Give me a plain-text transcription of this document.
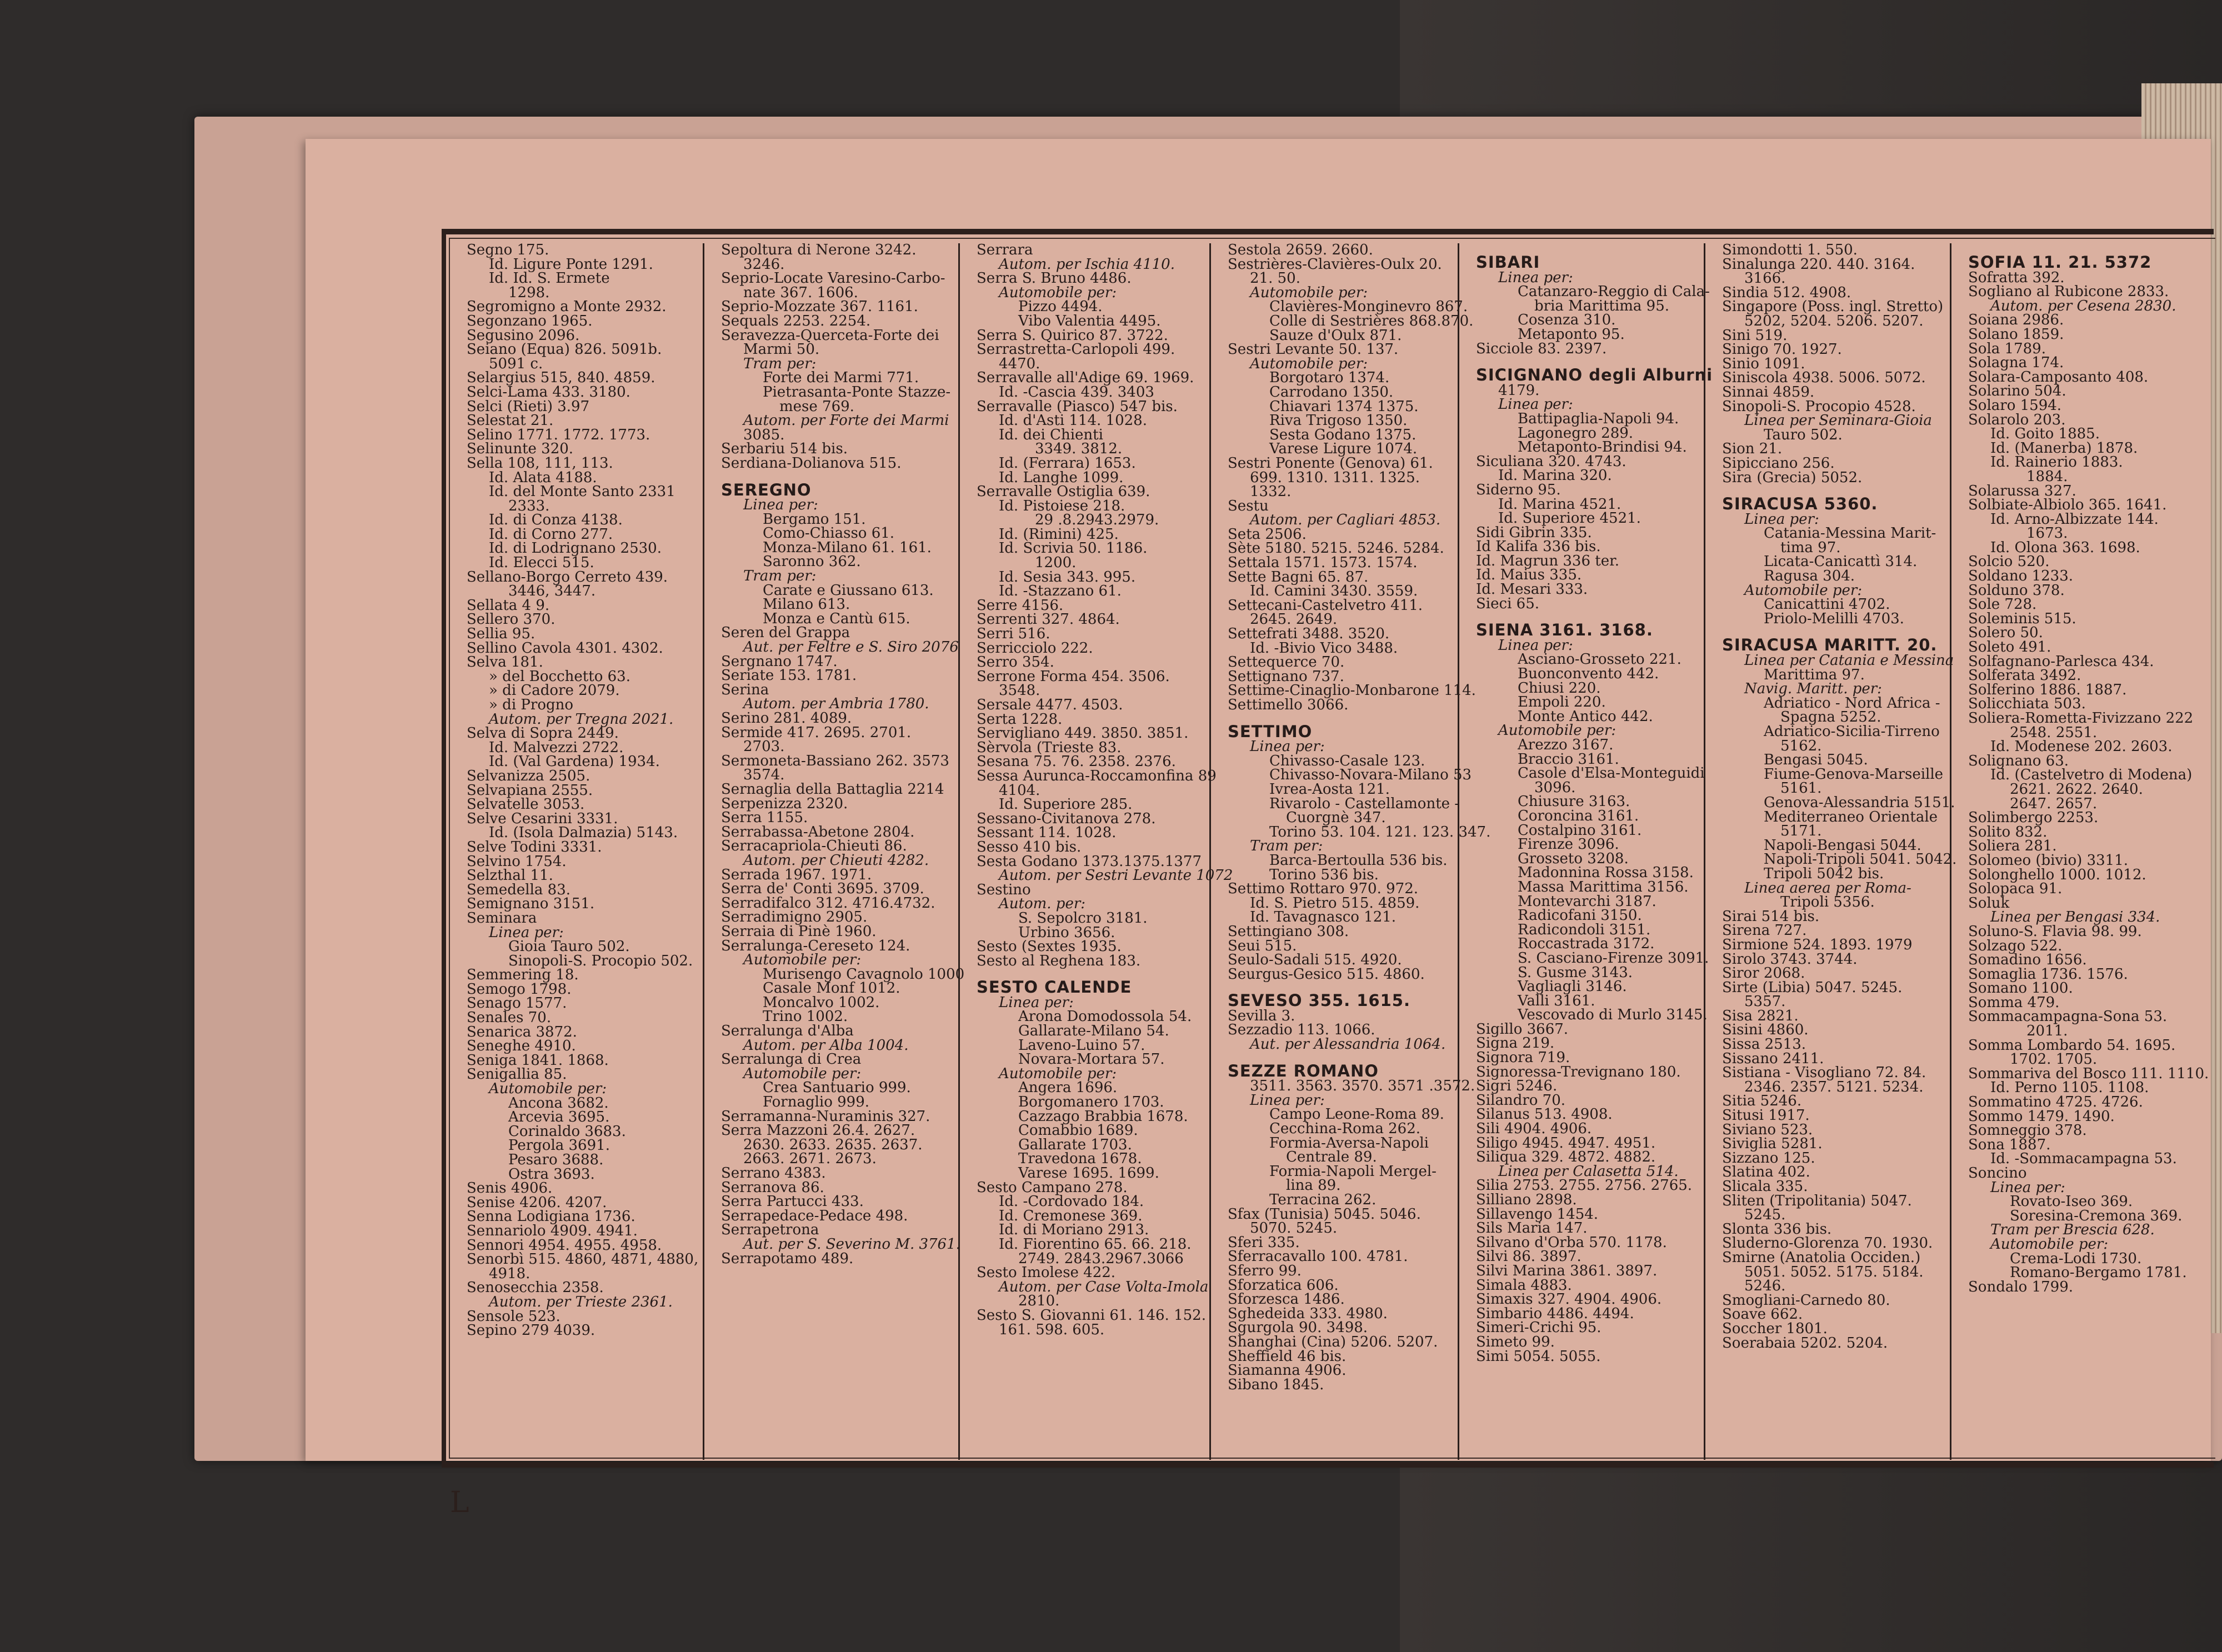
Segno 175.
Id. Ligure Ponte 1291.
Id. Id. S. Ermete
1298.
Segromigno a Monte 2932.
Segonzano 1965.
Segusino 2096.
Seiano (Equa) 826. 5091b.
5091 c.
Selargius 515, 840. 4859.
Selci-Lama 433. 3180.
Selci (Rieti) 3.97
Selestat 21.
Selino 1771. 1772. 1773.
Selinunte 320.
Sella 108, 111, 113.
Id. Alata 4188.
Id. del Monte Santo 2331
2333.
Id. di Conza 4138.
Id. di Corno 277.
Id. di Lodrignano 2530.
Id. Elecci 515.
Sellano-Borgo Cerreto 439.
3446, 3447.
Sellata 4 9.
Sellero 370.
Sellia 95.
Sellino Cavola 4301. 4302.
Selva 181.
» del Bocchetto 63.
» di Cadore 2079.
» di Progno
Autom. per Tregna 2021.
Selva di Sopra 2449.
Id. Malvezzi 2722.
Id. (Val Gardena) 1934.
Selvanizza 2505.
Selvapiana 2555.
Selvatelle 3053.
Selve Cesarini 3331.
Id. (Isola Dalmazia) 5143.
Selve Todini 3331.
Selvino 1754.
Selzthal 11.
Semedella 83.
Semignano 3151.
Seminara
Linea per:
Gioia Tauro 502.
Sinopoli-S. Procopio 502.
Semmering 18.
Semogo 1798.
Senago 1577.
Senales 70.
Senarica 3872.
Seneghe 4910.
Seniga 1841. 1868.
Senigallia 85.
Automobile per:
Ancona 3682.
Arcevia 3695.
Corinaldo 3683.
Pergola 3691.
Pesaro 3688.
Ostra 3693.
Senis 4906.
Senise 4206. 4207.
Senna Lodigiana 1736.
Sennariolo 4909. 4941.
Sennori 4954. 4955. 4958.
Senorbì 515. 4860, 4871, 4880,
4918.
Senosecchia 2358.
Autom. per Trieste 2361.
Sensole 523.
Sepino 279 4039.
Sepoltura di Nerone 3242.
3246.
Seprio-Locate Varesino-Carbo-
nate 367. 1606.
Seprio-Mozzate 367. 1161.
Sequals 2253. 2254.
Seravezza-Querceta-Forte dei
Marmi 50.
Tram per:
Forte dei Marmi 771.
Pietrasanta-Ponte Stazze-
mese 769.
Autom. per Forte dei Marmi
3085.
Serbariu 514 bis.
Serdiana-Dolianova 515.
SEREGNO
Linea per:
Bergamo 151.
Como-Chiasso 61.
Monza-Milano 61. 161.
Saronno 362.
Tram per:
Carate e Giussano 613.
Milano 613.
Monza e Cantù 615.
Seren del Grappa
Aut. per Feltre e S. Siro 2076
Sergnano 1747.
Seriate 153. 1781.
Serina
Autom. per Ambria 1780.
Serino 281. 4089.
Sermide 417. 2695. 2701.
2703.
Sermoneta-Bassiano 262. 3573
3574.
Sernaglia della Battaglia 2214
Serpenizza 2320.
Serra 1155.
Serrabassa-Abetone 2804.
Serracapriola-Chieuti 86.
Autom. per Chieuti 4282.
Serrada 1967. 1971.
Serra de' Conti 3695. 3709.
Serradifalco 312. 4716.4732.
Serradimigno 2905.
Serraia di Pinè 1960.
Serralunga-Cereseto 124.
Automobile per:
Murisengo Cavagnolo 1000
Casale Monf 1012.
Moncalvo 1002.
Trino 1002.
Serralunga d'Alba
Autom. per Alba 1004.
Serralunga di Crea
Automobile per:
Crea Santuario 999.
Fornaglio 999.
Serramanna-Nuraminis 327.
Serra Mazzoni 26.4. 2627.
2630. 2633. 2635. 2637.
2663. 2671. 2673.
Serrano 4383.
Serranova 86.
Serra Partucci 433.
Serrapedace-Pedace 498.
Serrapetrona
Aut. per S. Severino M. 3761.
Serrapotamo 489.
Serrara
Autom. per Ischia 4110.
Serra S. Bruno 4486.
Automobile per:
Pizzo 4494.
Vibo Valentia 4495.
Serra S. Quirico 87. 3722.
Serrastretta-Carlopoli 499.
4470.
Serravalle all'Adige 69. 1969.
Id. -Cascia 439. 3403
Serravalle (Piasco) 547 bis.
Id. d'Asti 114. 1028.
Id. dei Chienti
3349. 3812.
Id. (Ferrara) 1653.
Id. Langhe 1099.
Serravalle Ostiglia 639.
Id. Pistoiese 218.
29 .8.2943.2979.
Id. (Rimini) 425.
Id. Scrivia 50. 1186.
1200.
Id. Sesia 343. 995.
Id. -Stazzano 61.
Serre 4156.
Serrenti 327. 4864.
Serri 516.
Serricciolo 222.
Serro 354.
Serrone Forma 454. 3506.
3548.
Sersale 4477. 4503.
Serta 1228.
Servigliano 449. 3850. 3851.
Sèrvola (Trieste 83.
Sesana 75. 76. 2358. 2376.
Sessa Aurunca-Roccamonfina 89
4104.
Id. Superiore 285.
Sessano-Civitanova 278.
Sessant 114. 1028.
Sesso 410 bis.
Sesta Godano 1373.1375.1377
Autom. per Sestri Levante 1072
Sestino
Autom. per:
S. Sepolcro 3181.
Urbino 3656.
Sesto (Sextes 1935.
Sesto al Reghena 183.
SESTO CALENDE
Linea per:
Arona Domodossola 54.
Gallarate-Milano 54.
Laveno-Luino 57.
Novara-Mortara 57.
Automobile per:
Angera 1696.
Borgomanero 1703.
Cazzago Brabbia 1678.
Comabbio 1689.
Gallarate 1703.
Travedona 1678.
Varese 1695. 1699.
Sesto Campano 278.
Id. -Cordovado 184.
Id. Cremonese 369.
Id. di Moriano 2913.
Id. Fiorentino 65. 66. 218.
2749. 2843.2967.3066
Sesto Imolese 422.
Autom. per Case Volta-Imola
2810.
Sesto S. Giovanni 61. 146. 152.
161. 598. 605.
Sestola 2659. 2660.
Sestrières-Clavières-Oulx 20.
21. 50.
Automobile per:
Clavières-Monginevro 867.
Colle di Sestrières 868.870.
Sauze d'Oulx 871.
Sestri Levante 50. 137.
Automobile per:
Borgotaro 1374.
Carrodano 1350.
Chiavari 1374 1375.
Riva Trigoso 1350.
Sesta Godano 1375.
Varese Ligure 1074.
Sestri Ponente (Genova) 61.
699. 1310. 1311. 1325.
1332.
Sestu
Autom. per Cagliari 4853.
Seta 2506.
Sète 5180. 5215. 5246. 5284.
Settala 1571. 1573. 1574.
Sette Bagni 65. 87.
Id. Camini 3430. 3559.
Settecani-Castelvetro 411.
2645. 2649.
Settefrati 3488. 3520.
Id. -Bivio Vico 3488.
Settequerce 70.
Settignano 737.
Settime-Cinaglio-Monbarone 114.
Settimello 3066.
SETTIMO
Linea per:
Chivasso-Casale 123.
Chivasso-Novara-Milano 53
Ivrea-Aosta 121.
Rivarolo - Castellamonte -
Cuorgnè 347.
Torino 53. 104. 121. 123. 347.
Tram per:
Barca-Bertoulla 536 bis.
Torino 536 bis.
Settimo Rottaro 970. 972.
Id. S. Pietro 515. 4859.
Id. Tavagnasco 121.
Settingiano 308.
Seui 515.
Seulo-Sadali 515. 4920.
Seurgus-Gesico 515. 4860.
SEVESO 355. 1615.
Sevilla 3.
Sezzadio 113. 1066.
Aut. per Alessandria 1064.
SEZZE ROMANO
3511. 3563. 3570. 3571 .3572.
Linea per:
Campo Leone-Roma 89.
Cecchina-Roma 262.
Formia-Aversa-Napoli
Centrale 89.
Formia-Napoli Mergel-
lina 89.
Terracina 262.
Sfax (Tunisia) 5045. 5046.
5070. 5245.
Sferi 335.
Sferracavallo 100. 4781.
Sferro 99.
Sforzatica 606.
Sforzesca 1486.
Sghedeida 333. 4980.
Sgurgola 90. 3498.
Shanghai (Cina) 5206. 5207.
Sheffield 46 bis.
Siamanna 4906.
Sibano 1845.
SIBARI
Linea per:
Catanzaro-Reggio di Cala-
bria Marittima 95.
Cosenza 310.
Metaponto 95.
Sicciole 83. 2397.
SICIGNANO degli Alburni
4179.
Linea per:
Battipaglia-Napoli 94.
Lagonegro 289.
Metaponto-Brindisi 94.
Siculiana 320. 4743.
Id. Marina 320.
Siderno 95.
Id. Marina 4521.
Id. Superiore 4521.
Sidi Gibrin 335.
Id Kalifa 336 bis.
Id. Magrun 336 ter.
Id. Maius 335.
Id. Mesari 333.
Sieci 65.
SIENA 3161. 3168.
Linea per:
Asciano-Grosseto 221.
Buonconvento 442.
Chiusi 220.
Empoli 220.
Monte Antico 442.
Automobile per:
Arezzo 3167.
Braccio 3161.
Casole d'Elsa-Monteguidi
3096.
Chiusure 3163.
Coroncina 3161.
Costalpino 3161.
Firenze 3096.
Grosseto 3208.
Madonnina Rossa 3158.
Massa Marittima 3156.
Montevarchi 3187.
Radicofani 3150.
Radicondoli 3151.
Roccastrada 3172.
S. Casciano-Firenze 3091.
S. Gusme 3143.
Vagliagli 3146.
Valli 3161.
Vescovado di Murlo 3145.
Sigillo 3667.
Signa 219.
Signora 719.
Signoressa-Trevignano 180.
Sigri 5246.
Silandro 70.
Silanus 513. 4908.
Sili 4904. 4906.
Siligo 4945. 4947. 4951.
Siliqua 329. 4872. 4882.
Linea per Calasetta 514.
Silia 2753. 2755. 2756. 2765.
Silliano 2898.
Sillavengo 1454.
Sils Maria 147.
Silvano d'Orba 570. 1178.
Silvi 86. 3897.
Silvi Marina 3861. 3897.
Simala 4883.
Simaxis 327. 4904. 4906.
Simbario 4486. 4494.
Simeri-Crichi 95.
Simeto 99.
Simi 5054. 5055.
Simondotti 1. 550.
Sinalunga 220. 440. 3164.
3166.
Sindia 512. 4908.
Singapore (Poss. ingl. Stretto)
5202, 5204. 5206. 5207.
Sini 519.
Sinigo 70. 1927.
Sinio 1091.
Siniscola 4938. 5006. 5072.
Sinnai 4859.
Sinopoli-S. Procopio 4528.
Linea per Seminara-Gioia
Tauro 502.
Sion 21.
Sipicciano 256.
Sira (Grecia) 5052.
SIRACUSA 5360.
Linea per:
Catania-Messina Marit-
tima 97.
Licata-Canicattì 314.
Ragusa 304.
Automobile per:
Canicattini 4702.
Priolo-Melilli 4703.
SIRACUSA MARITT. 20.
Linea per Catania e Messina
Marittima 97.
Navig. Maritt. per:
Adriatico - Nord Africa -
Spagna 5252.
Adriatico-Sicilia-Tirreno
5162.
Bengasi 5045.
Fiume-Genova-Marseille
5161.
Genova-Alessandria 5151.
Mediterraneo Orientale
5171.
Napoli-Bengasi 5044.
Napoli-Tripoli 5041. 5042.
Tripoli 5042 bis.
Linea aerea per Roma-
Tripoli 5356.
Sirai 514 bis.
Sirena 727.
Sirmione 524. 1893. 1979
Sirolo 3743. 3744.
Siror 2068.
Sirte (Libia) 5047. 5245.
5357.
Sisa 2821.
Sisini 4860.
Sissa 2513.
Sissano 2411.
Sistiana - Visogliano 72. 84.
2346. 2357. 5121. 5234.
Sitia 5246.
Situsi 1917.
Siviano 523.
Siviglia 5281.
Sizzano 125.
Slatina 402.
Slicala 335.
Sliten (Tripolitania) 5047.
5245.
Slonta 336 bis.
Sluderno-Glorenza 70. 1930.
Smirne (Anatolia Occiden.)
5051. 5052. 5175. 5184.
5246.
Smogliani-Carnedo 80.
Soave 662.
Soccher 1801.
Soerabaia 5202. 5204.
SOFIA 11. 21. 5372
Sofratta 392.
Sogliano al Rubicone 2833.
Autom. per Cesena 2830.
Soiana 2986.
Solano 1859.
Sola 1789.
Solagna 174.
Solara-Camposanto 408.
Solarino 504.
Solaro 1594.
Solarolo 203.
Id. Goito 1885.
Id. (Manerba) 1878.
Id. Rainerio 1883.
1884.
Solarussa 327.
Solbiate-Albiolo 365. 1641.
Id. Arno-Albizzate 144.
1673.
Id. Olona 363. 1698.
Solcio 520.
Soldano 1233.
Solduno 378.
Sole 728.
Soleminis 515.
Solero 50.
Soleto 491.
Solfagnano-Parlesca 434.
Solferata 3492.
Solferino 1886. 1887.
Solicchiata 503.
Soliera-Rometta-Fivizzano 222
2548. 2551.
Id. Modenese 202. 2603.
Solignano 63.
Id. (Castelvetro di Modena)
2621. 2622. 2640.
2647. 2657.
Solimbergo 2253.
Solito 832.
Soliera 281.
Solomeo (bivio) 3311.
Solonghello 1000. 1012.
Solopaca 91.
Soluk
Linea per Bengasi 334.
Soluno-S. Flavia 98. 99.
Solzago 522.
Somadino 1656.
Somaglia 1736. 1576.
Somano 1100.
Somma 479.
Sommacampagna-Sona 53.
2011.
Somma Lombardo 54. 1695.
1702. 1705.
Sommariva del Bosco 111. 1110.
Id. Perno 1105. 1108.
Sommatino 4725. 4726.
Sommo 1479. 1490.
Somneggio 378.
Sona 1887.
Id. -Sommacampagna 53.
Soncino
Linea per:
Rovato-Iseo 369.
Soresina-Cremona 369.
Tram per Brescia 628.
Automobile per:
Crema-Lodi 1730.
Romano-Bergamo 1781.
Sondalo 1799.
L
